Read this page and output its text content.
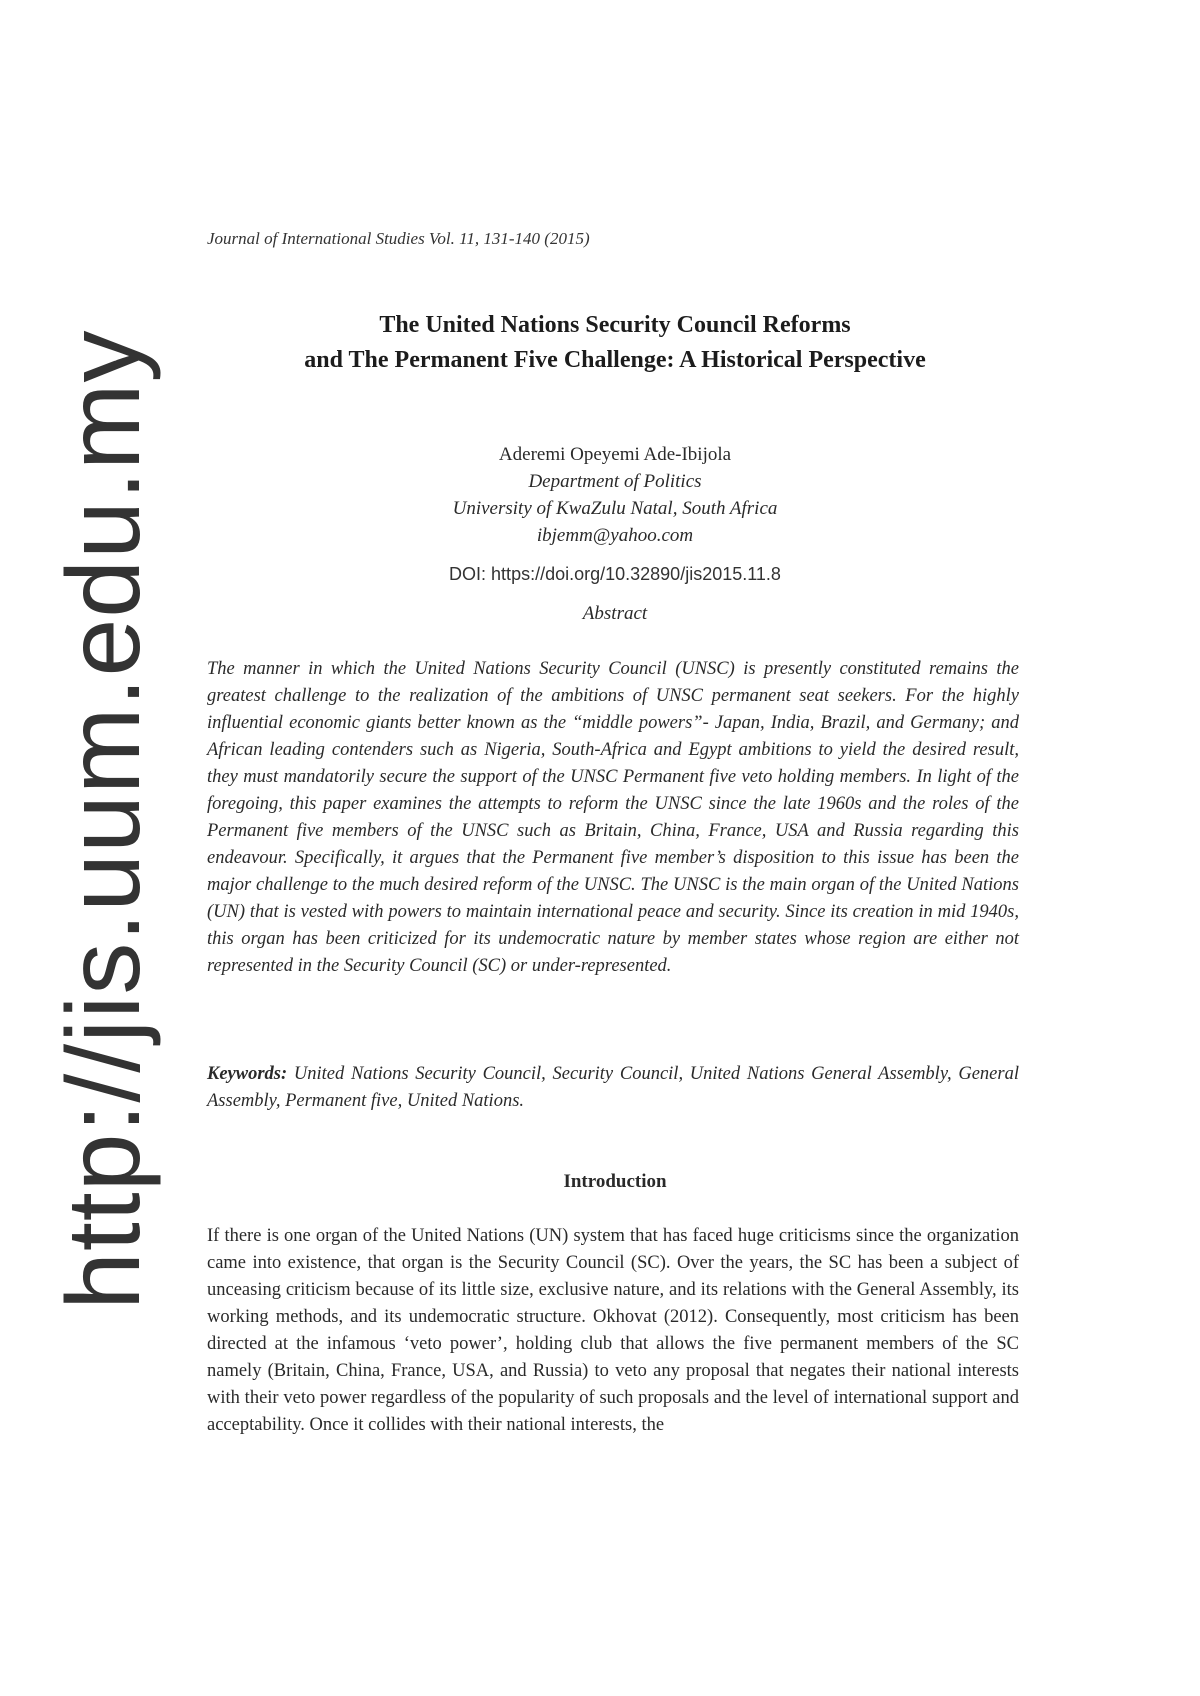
http://jis.uum.edu.my
Journal of International Studies Vol. 11, 131-140 (2015)
The United Nations Security Council Reforms
and The Permanent Five Challenge: A Historical Perspective
Aderemi Opeyemi Ade-Ibijola
Department of Politics
University of KwaZulu Natal, South Africa
ibjemm@yahoo.com
DOI: https://doi.org/10.32890/jis2015.11.8
Abstract

The manner in which the United Nations Security Council (UNSC) is presently constituted remains the greatest challenge to the realization of the ambitions of UNSC permanent seat seekers. For the highly influential economic giants better known as the “middle powers”- Japan, India, Brazil, and Germany; and African leading contenders such as Nigeria, South-Africa and Egypt ambitions to yield the desired result, they must mandatorily secure the support of the UNSC Permanent five veto holding members. In light of the foregoing, this paper examines the attempts to reform the UNSC since the late 1960s and the roles of the Permanent five members of the UNSC such as Britain, China, France, USA and Russia regarding this endeavour. Specifically, it argues that the Permanent five member’s disposition to this issue has been the major challenge to the much desired reform of the UNSC. The UNSC is the main organ of the United Nations (UN) that is vested with powers to maintain international peace and security. Since its creation in mid 1940s, this organ has been criticized for its undemocratic nature by member states whose region are either not represented in the Security Council (SC) or under-represented.

Keywords: United Nations Security Council, Security Council, United Nations General Assembly, General Assembly, Permanent five, United Nations.

Introduction

If there is one organ of the United Nations (UN) system that has faced huge criticisms since the organization came into existence, that organ is the Security Council (SC). Over the years, the SC has been a subject of unceasing criticism because of its little size, exclusive nature, and its relations with the General Assembly, its working methods, and its undemocratic structure. Okhovat (2012). Consequently, most criticism has been directed at the infamous ‘veto power’, holding club that allows the five permanent members of the SC namely (Britain, China, France, USA, and Russia) to veto any proposal that negates their national interests with their veto power regardless of the popularity of such proposals and the level of international support and acceptability. Once it collides with their national interests, the
